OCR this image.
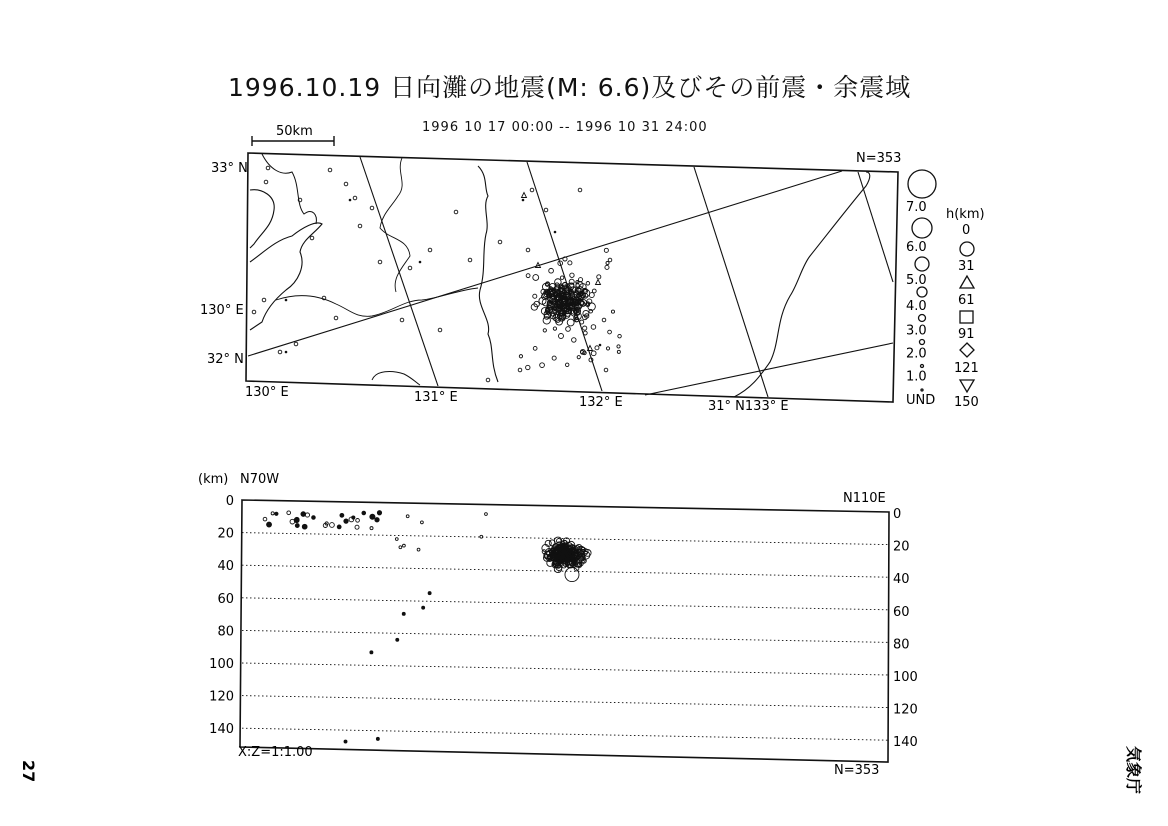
1996.10.19 日向灘の地震(M: 6.6)及びその前震・余震域
1996 10 17 00:00 -- 1996 10 31 24:00
50km
33° N
130° E
32° N
130° E	131° E	132° E	31° N133° E
N=353
7.0
6.0
5.0
4.0
3.0
2.0
1.0
UND
h(km)
0
31
61
91
121
150
0
0
20
20
40
40
60
60
80
80
100
100
120
120
140
140
(km) N70W
N110E
X:Z=1:1.00
N=353
27	気象庁
